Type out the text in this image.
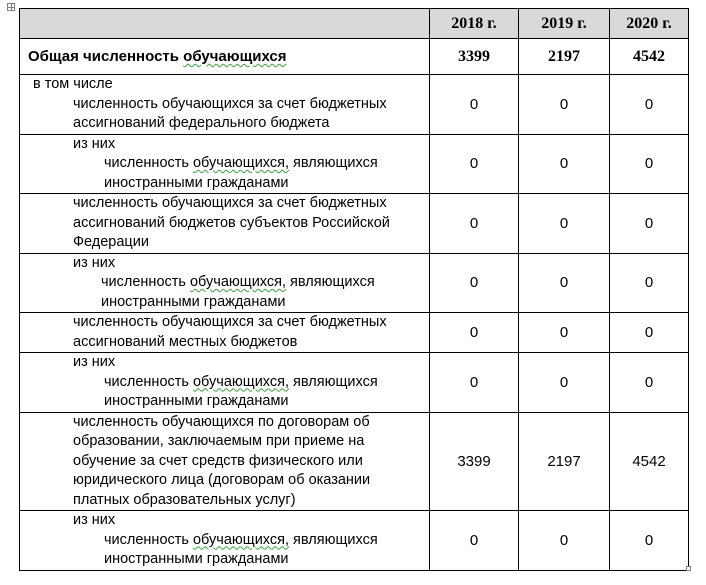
	2018 г.	2019 г.	2020 г.
Общая численность обучающихся	3399	2197	4542

в том числе
численность обучающихся за счет бюджетных
ассигнований федерального бюджета	0	0	0

из них
численность обучающихся, являющихся
иностранными гражданами	0	0	0

численность обучающихся за счет бюджетных
ассигнований бюджетов субъектов Российской
Федерации	0	0	0

из них
численность обучающихся, являющихся
иностранными гражданами	0	0	0

численность обучающихся за счет бюджетных
ассигнований местных бюджетов	0	0	0

из них
численность обучающихся, являющихся
иностранными гражданами	0	0	0

численность обучающихся по договорам об
образовании, заключаемым при приеме на
обучение за счет средств физического или
юридического лица (договорам об оказании
платных образовательных услуг)	3399	2197	4542

из них
численность обучающихся, являющихся
иностранными гражданами	0	0	0
